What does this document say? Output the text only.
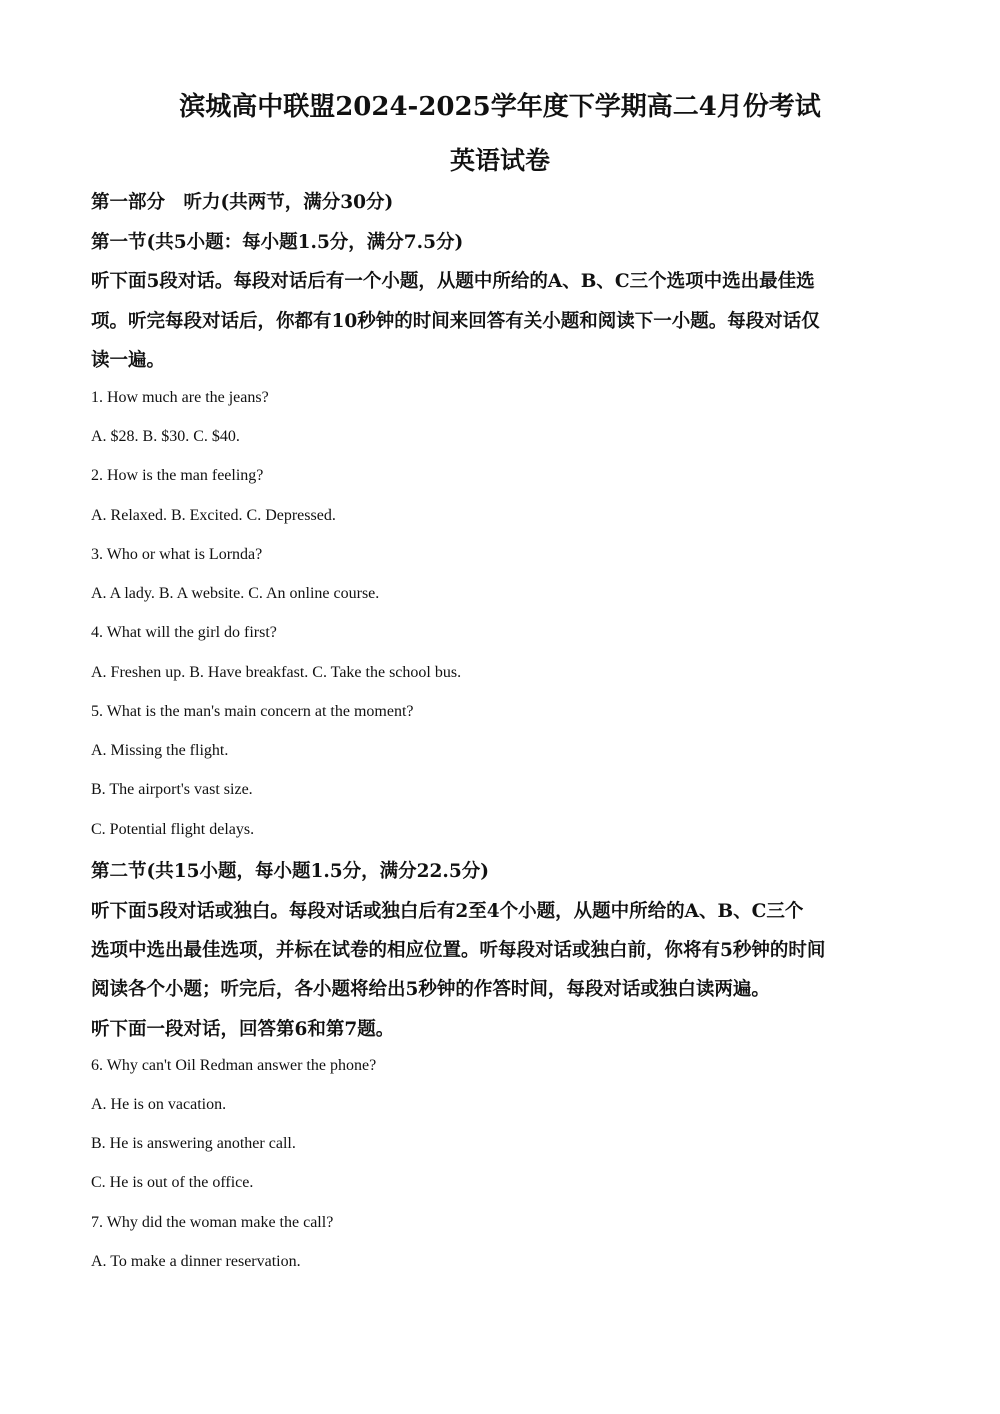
滨城高中联盟2024-2025学年度下学期高二4月份考试
英语试卷
第一部分　听力(共两节，满分30分)
第一节(共5小题：每小题1.5分，满分7.5分)
听下面5段对话。每段对话后有一个小题，从题中所给的A、B、C三个选项中选出最佳选
项。听完每段对话后，你都有10秒钟的时间来回答有关小题和阅读下一小题。每段对话仅
读一遍。
1. How much are the jeans?
A. $28. B. $30. C. $40.
2. How is the man feeling?
A. Relaxed. B. Excited. C. Depressed.
3. Who or what is Lornda?
A. A lady. B. A website. C. An online course.
4. What will the girl do first?
A. Freshen up. B. Have breakfast. C. Take the school bus.
5. What is the man's main concern at the moment?
A. Missing the flight.
B. The airport's vast size.
C. Potential flight delays.
第二节(共15小题，每小题1.5分，满分22.5分)
听下面5段对话或独白。每段对话或独白后有2至4个小题，从题中所给的A、B、C三个
选项中选出最佳选项，并标在试卷的相应位置。听每段对话或独白前，你将有5秒钟的时间
阅读各个小题；听完后，各小题将给出5秒钟的作答时间，每段对话或独白读两遍。
听下面一段对话，回答第6和第7题。
6. Why can't Oil Redman answer the phone?
A. He is on vacation.
B. He is answering another call.
C. He is out of the office.
7. Why did the woman make the call?
A. To make a dinner reservation.
